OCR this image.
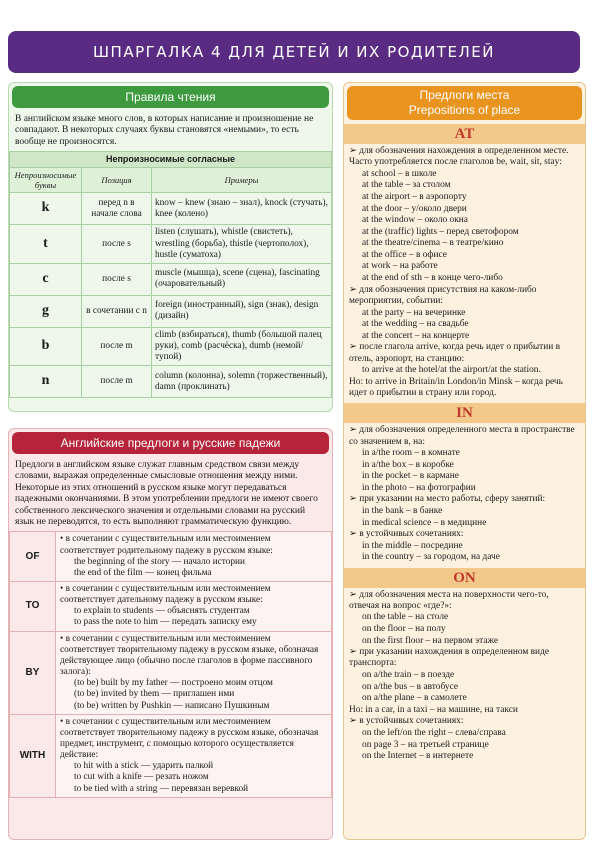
ШПАРГАЛКА 4 ДЛЯ ДЕТЕЙ И ИХ РОДИТЕЛЕЙ
Правила чтения

В английском языке много слов, в которых написание и произношение не совпадают. В некоторых случаях буквы становятся «немыми», то есть вообще не произносятся.

Непроизносимые согласные		
Непроизносимые буквы	Позиция	Примеры
k	перед n в начале слова	know – knew (знаю – знал), knock (стучать), knee (колено)
t	после s	listen (слушать), whistle (свистеть), wrestling (борьба), thistle (чертополох), hustle (суматоха)
c	после s	muscle (мышца), scene (сцена), fascinating (очаровательный)
g	в сочетании с n	foreign (иностранный), sign (знак), design (дизайн)
b	после m	climb (взбираться), thumb (большой палец руки), comb (расчёска), dumb (немой/тупой)
n	после m	column (колонна), solemn (торжественный), damn (проклинать)
Английские предлоги и русские падежи

Предлоги в английском языке служат главным средством связи между словами, выражая определенные смысловые отношения между ними. Некоторые из этих отношений в русском языке могут передаваться падежными окончаниями. В этом употреблении предлоги не имеют своего собственного лексического значения и отдельными словами на русский язык не переводятся, то есть выполняют грамматическую функцию.

OF	• в сочетании с существительным или местоимением соответствует родительному падежу в русском языке:
the beginning of the story — начало истории
the end of the film — конец фильма

TO	• в сочетании с существительным или местоимением соответствует дательному падежу в русском языке:
to explain to students — объяснять студентам
to pass the note to him — передать записку ему

BY	• в сочетании с существительным или местоимением соответствует творительному падежу в русском языке, обозначая действующее лицо (обычно после глаголов в форме пассивного залога):
(to be) built by my father — построено моим отцом
(to be) invited by them — приглашен ими
(to be) written by Pushkin — написано Пушкиным

WITH	• в сочетании с существительным или местоимением соответствует творительному падежу в русском языке, обозначая предмет, инструмент, с помощью которого осуществляется действие:
to hit with a stick — ударить палкой
to cut with a knife — резать ножом
to be tied with a string — перевязан веревкой
Предлоги места
Prepositions of place
AT
➢ для обозначения нахождения в определенном месте. Часто употребляется после глаголов be, wait, sit, stay:
at school – в школе
at the table – за столом
at the airport – в аэропорту
at the door – у/около двери
at the window – около окна
at the (traffic) lights – перед светофором
at the theatre/cinema – в театре/кино
at the office – в офисе
at work – на работе
at the end of sth – в конце чего-либо
➢ для обозначения присутствия на каком-либо мероприятии, событии:
at the party – на вечеринке
at the wedding – на свадьбе
at the concert – на концерте
➢ после глагола arrive, когда речь идет о прибытии в отель, аэропорт, на станцию:
to arrive at the hotel/at the airport/at the station.
Но: to arrive in Britain/in London/in Minsk – когда речь идет о прибытии в страну или город.
IN
➢ для обозначения определенного места в пространстве со значением в, на:
in a/the room – в комнате
in a/the box – в коробке
in the pocket – в кармане
in the photo – на фотографии
➢ при указании на место работы, сферу занятий:
in the bank – в банке
in medical science – в медицине
➢ в устойчивых сочетаниях:
in the middle – посредине
in the country – за городом, на даче
ON
➢ для обозначения места на поверхности чего-то, отвечая на вопрос «где?»:
on the table – на столе
on the floor – на полу
on the first floor – на первом этаже
➢ при указании нахождения в определенном виде транспорта:
on a/the train – в поезде
on a/the bus – в автобусе
on a/the plane – в самолете
Но: in a car, in a taxi – на машине, на такси
➢ в устойчивых сочетаниях:
on the left/on the right – слева/справа
on page 3 – на третьей странице
on the Internet – в интернете
